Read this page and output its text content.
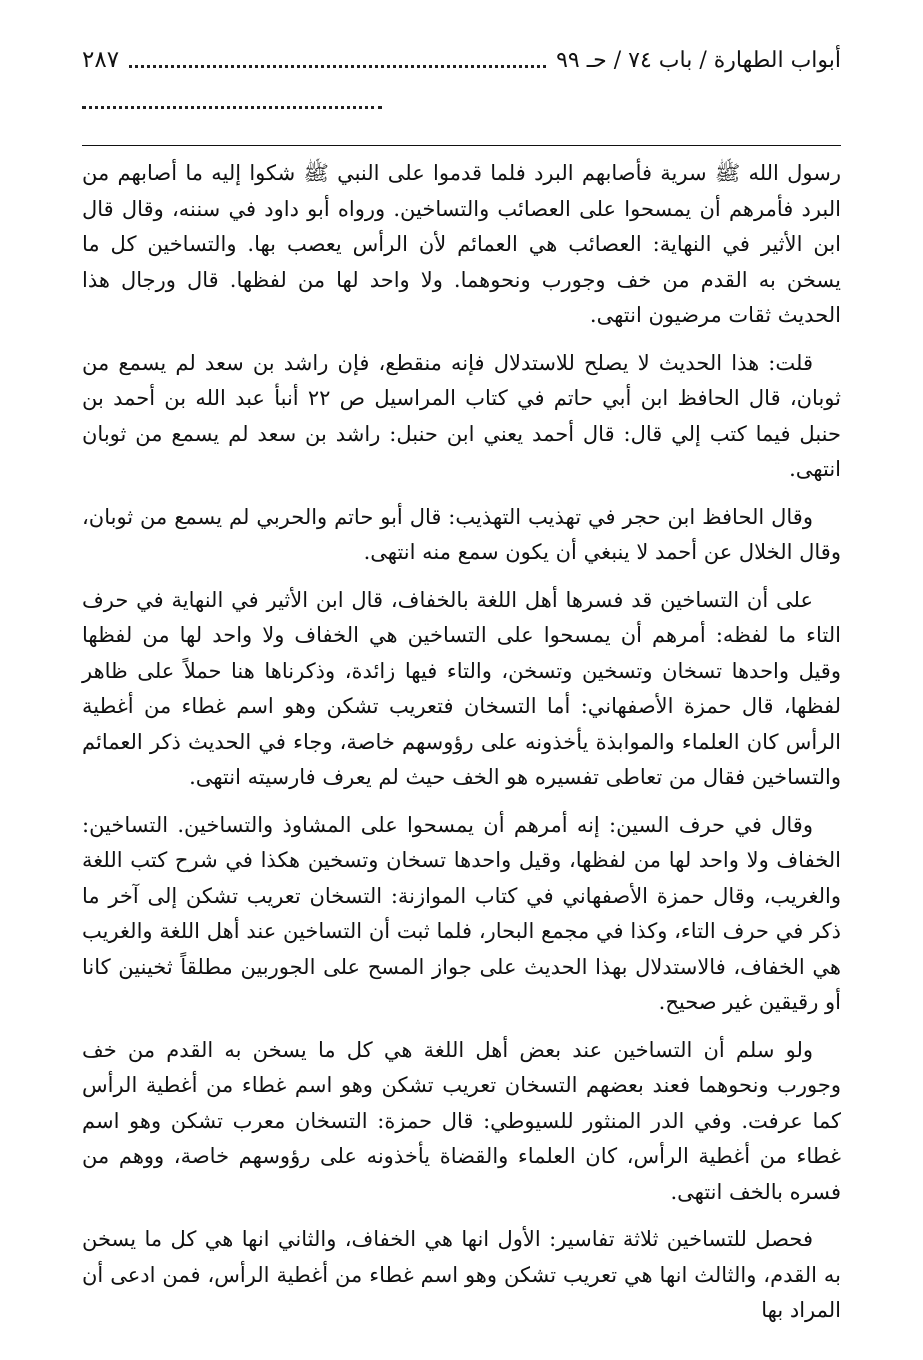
أبواب الطهارة / باب ٧٤ / حـ ٩٩
٢٨٧

رسول الله ﷺ سرية فأصابهم البرد فلما قدموا على النبي ﷺ شكوا إليه ما أصابهم من البرد فأمرهم أن يمسحوا على العصائب والتساخين. ورواه أبو داود في سننه، وقال قال ابن الأثير في النهاية: العصائب هي العمائم لأن الرأس يعصب بها. والتساخين كل ما يسخن به القدم من خف وجورب ونحوهما. ولا واحد لها من لفظها. قال ورجال هذا الحديث ثقات مرضيون انتهى.

قلت: هذا الحديث لا يصلح للاستدلال فإنه منقطع، فإن راشد بن سعد لم يسمع من ثوبان، قال الحافظ ابن أبي حاتم في كتاب المراسيل ص ٢٢ أنبأ عبد الله بن أحمد بن حنبل فيما كتب إلي قال: قال أحمد يعني ابن حنبل: راشد بن سعد لم يسمع من ثوبان انتهى.

وقال الحافظ ابن حجر في تهذيب التهذيب: قال أبو حاتم والحربي لم يسمع من ثوبان، وقال الخلال عن أحمد لا ينبغي أن يكون سمع منه انتهى.

على أن التساخين قد فسرها أهل اللغة بالخفاف، قال ابن الأثير في النهاية في حرف التاء ما لفظه: أمرهم أن يمسحوا على التساخين هي الخفاف ولا واحد لها من لفظها وقيل واحدها تسخان وتسخين وتسخن، والتاء فيها زائدة، وذكرناها هنا حملاً على ظاهر لفظها، قال حمزة الأصفهاني: أما التسخان فتعريب تشكن وهو اسم غطاء من أغطية الرأس كان العلماء والموابذة يأخذونه على رؤوسهم خاصة، وجاء في الحديث ذكر العمائم والتساخين فقال من تعاطى تفسيره هو الخف حيث لم يعرف فارسيته انتهى.

وقال في حرف السين: إنه أمرهم أن يمسحوا على المشاوذ والتساخين. التساخين: الخفاف ولا واحد لها من لفظها، وقيل واحدها تسخان وتسخين هكذا في شرح كتب اللغة والغريب، وقال حمزة الأصفهاني في كتاب الموازنة: التسخان تعريب تشكن إلى آخر ما ذكر في حرف التاء، وكذا في مجمع البحار، فلما ثبت أن التساخين عند أهل اللغة والغريب هي الخفاف، فالاستدلال بهذا الحديث على جواز المسح على الجوربين مطلقاً ثخينين كانا أو رقيقين غير صحيح.

ولو سلم أن التساخين عند بعض أهل اللغة هي كل ما يسخن به القدم من خف وجورب ونحوهما فعند بعضهم التسخان تعريب تشكن وهو اسم غطاء من أغطية الرأس كما عرفت. وفي الدر المنثور للسيوطي: قال حمزة: التسخان معرب تشكن وهو اسم غطاء من أغطية الرأس، كان العلماء والقضاة يأخذونه على رؤوسهم خاصة، ووهم من فسره بالخف انتهى.

فحصل للتساخين ثلاثة تفاسير: الأول انها هي الخفاف، والثاني انها هي كل ما يسخن به القدم، والثالث انها هي تعريب تشكن وهو اسم غطاء من أغطية الرأس، فمن ادعى أن المراد بها
